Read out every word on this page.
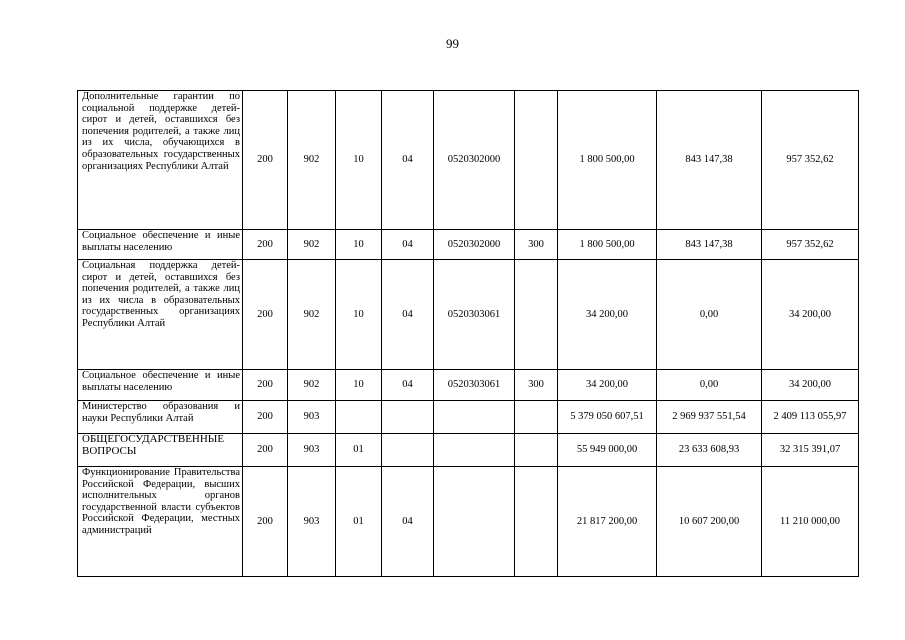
99
Дополнительные гарантии по социальной поддержке детей-сирот и детей, оставшихся без попечения родителей, а также лиц из их числа, обучающихся в образовательных государственных организациях Республики Алтай	200	902	10	04	0520302000		1 800 500,00	843 147,38	957 352,62

Социальное обеспечение и иные выплаты населению	200	902	10	04	0520302000	300	1 800 500,00	843 147,38	957 352,62

Социальная поддержка детей-сирот и детей, оставшихся без попечения родителей, а также лиц из их числа в образовательных государственных организациях Республики Алтай	200	902	10	04	0520303061		34 200,00	0,00	34 200,00

Социальное обеспечение и иные выплаты населению	200	902	10	04	0520303061	300	34 200,00	0,00	34 200,00

Министерство образования и науки Республики Алтай	200	903					5 379 050 607,51	2 969 937 551,54	2 409 113 055,97

ОБЩЕГОСУДАРСТВЕННЫЕ ВОПРОСЫ	200	903	01				55 949 000,00	23 633 608,93	32 315 391,07

Функционирование Правительства Российской Федерации, высших исполнительных органов государственной власти субъектов Российской Федерации, местных администраций	200	903	01	04			21 817 200,00	10 607 200,00	11 210 000,00
